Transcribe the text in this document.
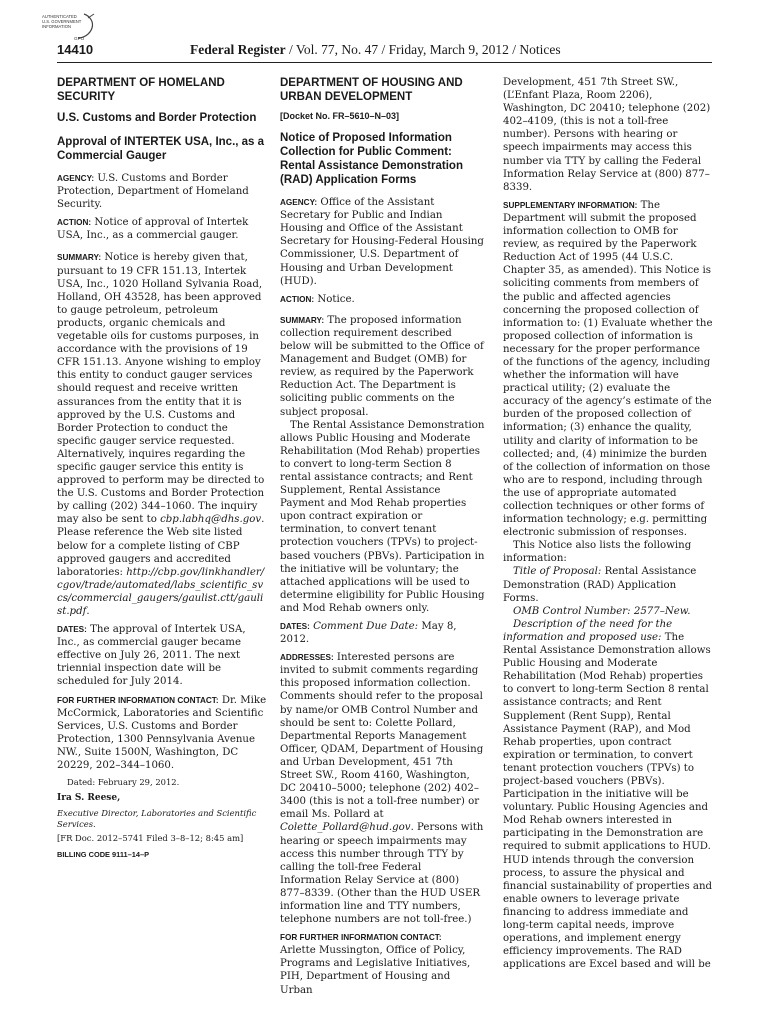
AUTHENTICATED
U.S. GOVERNMENT
INFORMATION
GPO
14410	Federal Register / Vol. 77, No. 47 / Friday, March 9, 2012 / Notices
DEPARTMENT OF HOMELAND SECURITY
U.S. Customs and Border Protection
Approval of INTERTEK USA, Inc., as a Commercial Gauger

AGENCY: U.S. Customs and Border Protection, Department of Homeland Security.

ACTION: Notice of approval of Intertek USA, Inc., as a commercial gauger.

SUMMARY: Notice is hereby given that, pursuant to 19 CFR 151.13, Intertek USA, Inc., 1020 Holland Sylvania Road, Holland, OH 43528, has been approved to gauge petroleum, petroleum products, organic chemicals and vegetable oils for customs purposes, in accordance with the provisions of 19 CFR 151.13. Anyone wishing to employ this entity to conduct gauger services should request and receive written assurances from the entity that it is approved by the U.S. Customs and Border Protection to conduct the specific gauger service requested. Alternatively, inquires regarding the specific gauger service this entity is approved to perform may be directed to the U.S. Customs and Border Protection by calling (202) 344–1060. The inquiry may also be sent to cbp.labhq@dhs.gov. Please reference the Web site listed below for a complete listing of CBP approved gaugers and accredited laboratories: http://cbp.gov/linkhandler/cgov/trade/automated/labs_scientific_svcs/commercial_gaugers/gaulist.ctt/gaulist.pdf.

DATES: The approval of Intertek USA, Inc., as commercial gauger became effective on July 26, 2011. The next triennial inspection date will be scheduled for July 2014.

FOR FURTHER INFORMATION CONTACT: Dr. Mike McCormick, Laboratories and Scientific Services, U.S. Customs and Border Protection, 1300 Pennsylvania Avenue NW., Suite 1500N, Washington, DC 20229, 202–344–1060.

Dated: February 29, 2012.
Ira S. Reese,
Executive Director, Laboratories and Scientific Services.
[FR Doc. 2012–5741 Filed 3–8–12; 8:45 am]
BILLING CODE 9111–14–P
DEPARTMENT OF HOUSING AND URBAN DEVELOPMENT
[Docket No. FR–5610–N–03]
Notice of Proposed Information Collection for Public Comment: Rental Assistance Demonstration (RAD) Application Forms

AGENCY: Office of the Assistant Secretary for Public and Indian Housing and Office of the Assistant Secretary for Housing-Federal Housing Commissioner, U.S. Department of Housing and Urban Development (HUD).

ACTION: Notice.

SUMMARY: The proposed information collection requirement described below will be submitted to the Office of Management and Budget (OMB) for review, as required by the Paperwork Reduction Act. The Department is soliciting public comments on the subject proposal.

The Rental Assistance Demonstration allows Public Housing and Moderate Rehabilitation (Mod Rehab) properties to convert to long-term Section 8 rental assistance contracts; and Rent Supplement, Rental Assistance Payment and Mod Rehab properties upon contract expiration or termination, to convert tenant protection vouchers (TPVs) to project-based vouchers (PBVs). Participation in the initiative will be voluntary; the attached applications will be used to determine eligibility for Public Housing and Mod Rehab owners only.

DATES: Comment Due Date: May 8, 2012.

ADDRESSES: Interested persons are invited to submit comments regarding this proposed information collection. Comments should refer to the proposal by name/or OMB Control Number and should be sent to: Colette Pollard, Departmental Reports Management Officer, QDAM, Department of Housing and Urban Development, 451 7th Street SW., Room 4160, Washington, DC 20410–5000; telephone (202) 402–3400 (this is not a toll-free number) or email Ms. Pollard at Colette_Pollard@hud.gov. Persons with hearing or speech impairments may access this number through TTY by calling the toll-free Federal Information Relay Service at (800) 877–8339. (Other than the HUD USER information line and TTY numbers, telephone numbers are not toll-free.)

FOR FURTHER INFORMATION CONTACT:

Arlette Mussington, Office of Policy, Programs and Legislative Initiatives, PIH, Department of Housing and Urban

Development, 451 7th Street SW., (L’Enfant Plaza, Room 2206), Washington, DC 20410; telephone (202) 402–4109, (this is not a toll-free number). Persons with hearing or speech impairments may access this number via TTY by calling the Federal Information Relay Service at (800) 877–8339.

SUPPLEMENTARY INFORMATION: The Department will submit the proposed information collection to OMB for review, as required by the Paperwork Reduction Act of 1995 (44 U.S.C. Chapter 35, as amended). This Notice is soliciting comments from members of the public and affected agencies concerning the proposed collection of information to: (1) Evaluate whether the proposed collection of information is necessary for the proper performance of the functions of the agency, including whether the information will have practical utility; (2) evaluate the accuracy of the agency’s estimate of the burden of the proposed collection of information; (3) enhance the quality, utility and clarity of information to be collected; and, (4) minimize the burden of the collection of information on those who are to respond, including through the use of appropriate automated collection techniques or other forms of information technology; e.g. permitting electronic submission of responses.

This Notice also lists the following information:

Title of Proposal: Rental Assistance Demonstration (RAD) Application Forms.

OMB Control Number: 2577–New.

Description of the need for the information and proposed use: The Rental Assistance Demonstration allows Public Housing and Moderate Rehabilitation (Mod Rehab) properties to convert to long-term Section 8 rental assistance contracts; and Rent Supplement (Rent Supp), Rental Assistance Payment (RAP), and Mod Rehab properties, upon contract expiration or termination, to convert tenant protection vouchers (TPVs) to project-based vouchers (PBVs). Participation in the initiative will be voluntary. Public Housing Agencies and Mod Rehab owners interested in participating in the Demonstration are required to submit applications to HUD. HUD intends through the conversion process, to assure the physical and financial sustainability of properties and enable owners to leverage private financing to address immediate and long-term capital needs, improve operations, and implement energy efficiency improvements. The RAD applications are Excel based and will be
